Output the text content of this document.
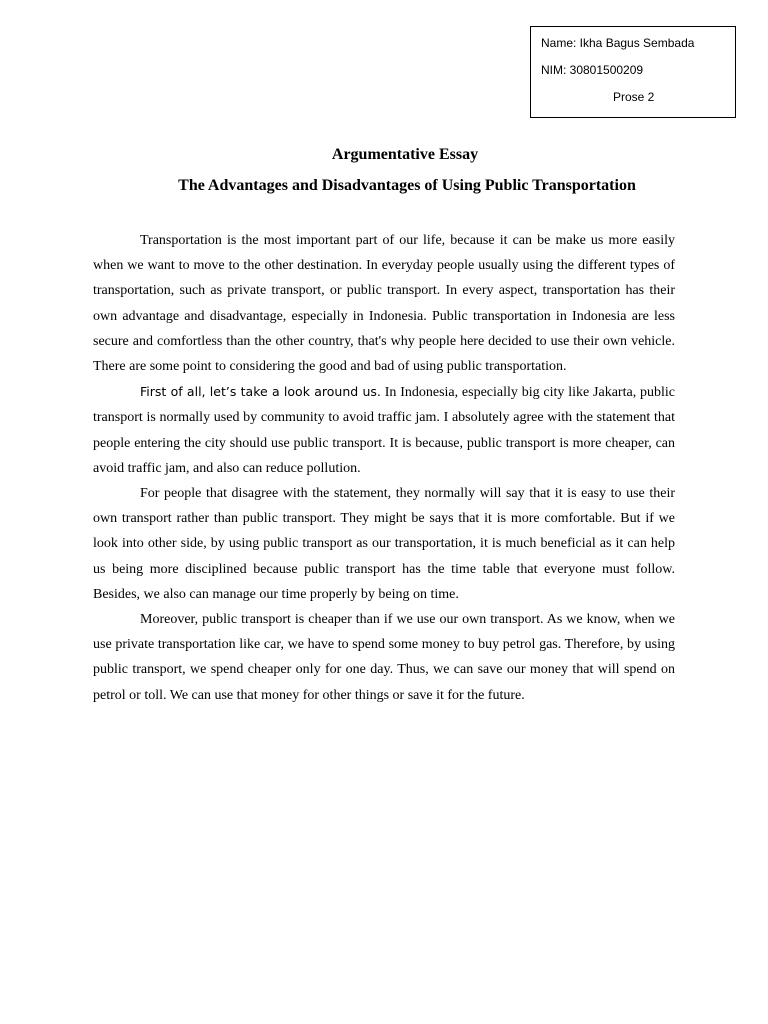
Name: Ikha Bagus Sembada
NIM: 30801500209
Prose 2
Argumentative Essay
The Advantages and Disadvantages of Using Public Transportation

Transportation is the most important part of our life, because it can be make us more easily when we want to move to the other destination. In everyday people usually using the different types of transportation, such as private transport, or public transport. In every aspect, transportation has their own advantage and disadvantage, especially in Indonesia. Public transportation in Indonesia are less secure and comfortless than the other country, that's why people here decided to use their own vehicle. There are some point to considering the good and bad of using public transportation.

First of all, let’s take a look around us. In Indonesia, especially big city like Jakarta, public transport is normally used by community to avoid traffic jam. I absolutely agree with the statement that people entering the city should use public transport. It is because, public transport is more cheaper, can avoid traffic jam, and also can reduce pollution.

For people that disagree with the statement, they normally will say that it is easy to use their own transport rather than public transport. They might be says that it is more comfortable. But if we look into other side, by using public transport as our transportation, it is much beneficial as it can help us being more disciplined because public transport has the time table that everyone must follow. Besides, we also can manage our time properly by being on time.

Moreover, public transport is cheaper than if we use our own transport. As we know, when we use private transportation like car, we have to spend some money to buy petrol gas. Therefore, by using public transport, we spend cheaper only for one day. Thus, we can save our money that will spend on petrol or toll. We can use that money for other things or save it for the future.
